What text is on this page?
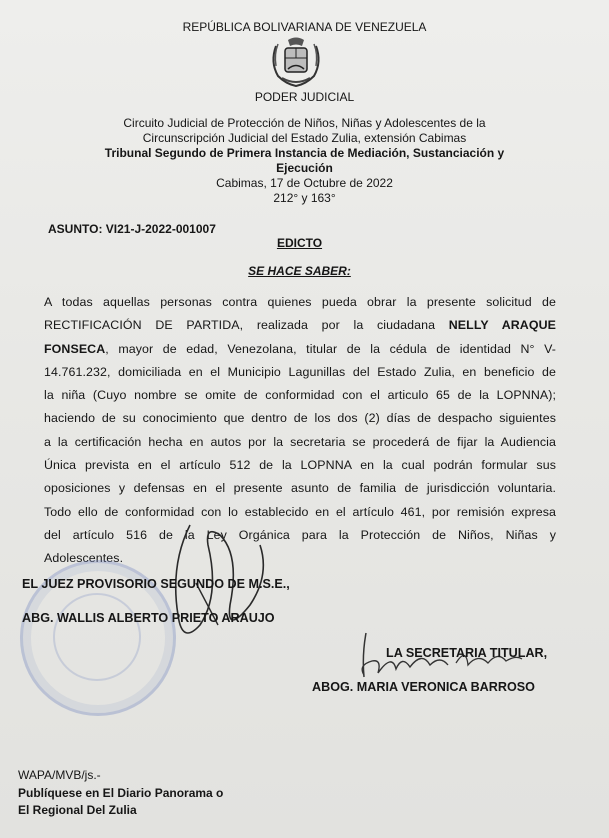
REPÚBLICA BOLIVARIANA DE VENEZUELA
PODER JUDICIAL
Circuito Judicial de Protección de Niños, Niñas y Adolescentes de la
Circunscripción Judicial del Estado Zulia, extensión Cabimas
Tribunal Segundo de Primera Instancia de Mediación, Sustanciación y
Ejecución
Cabimas, 17 de Octubre de 2022
212° y 163°
ASUNTO: VI21-J-2022-001007
EDICTO
SE HACE SABER:
A todas aquellas personas contra quienes pueda obrar la presente solicitud de
RECTIFICACIÓN DE PARTIDA, realizada por la ciudadana NELLY ARAQUE
FONSECA, mayor de edad, Venezolana, titular de la cédula de identidad N° V-
14.761.232, domiciliada en el Municipio Lagunillas del Estado Zulia, en beneficio de
la niña (Cuyo nombre se omite de conformidad con el articulo 65 de la LOPNNA);
haciendo de su conocimiento que dentro de los dos (2) días de despacho siguientes
a la certificación hecha en autos por la secretaria se procederá de fijar la Audiencia
Única prevista en el artículo 512 de la LOPNNA en la cual podrán formular sus
oposiciones y defensas en el presente asunto de familia de jurisdicción voluntaria.
Todo ello de conformidad con lo establecido en el artículo 461, por remisión expresa
del artículo 516 de la Ley Orgánica para la Protección de Niños, Niñas y
Adolescentes.
EL JUEZ PROVISORIO SEGUNDO DE M.S.E.,
ABG. WALLIS ALBERTO PRIETO ARAUJO
LA SECRETARIA TITULAR,
ABOG. MARIA VERONICA BARROSO
WAPA/MVB/js.-
Publíquese en El Diario Panorama o
El Regional Del Zulia
